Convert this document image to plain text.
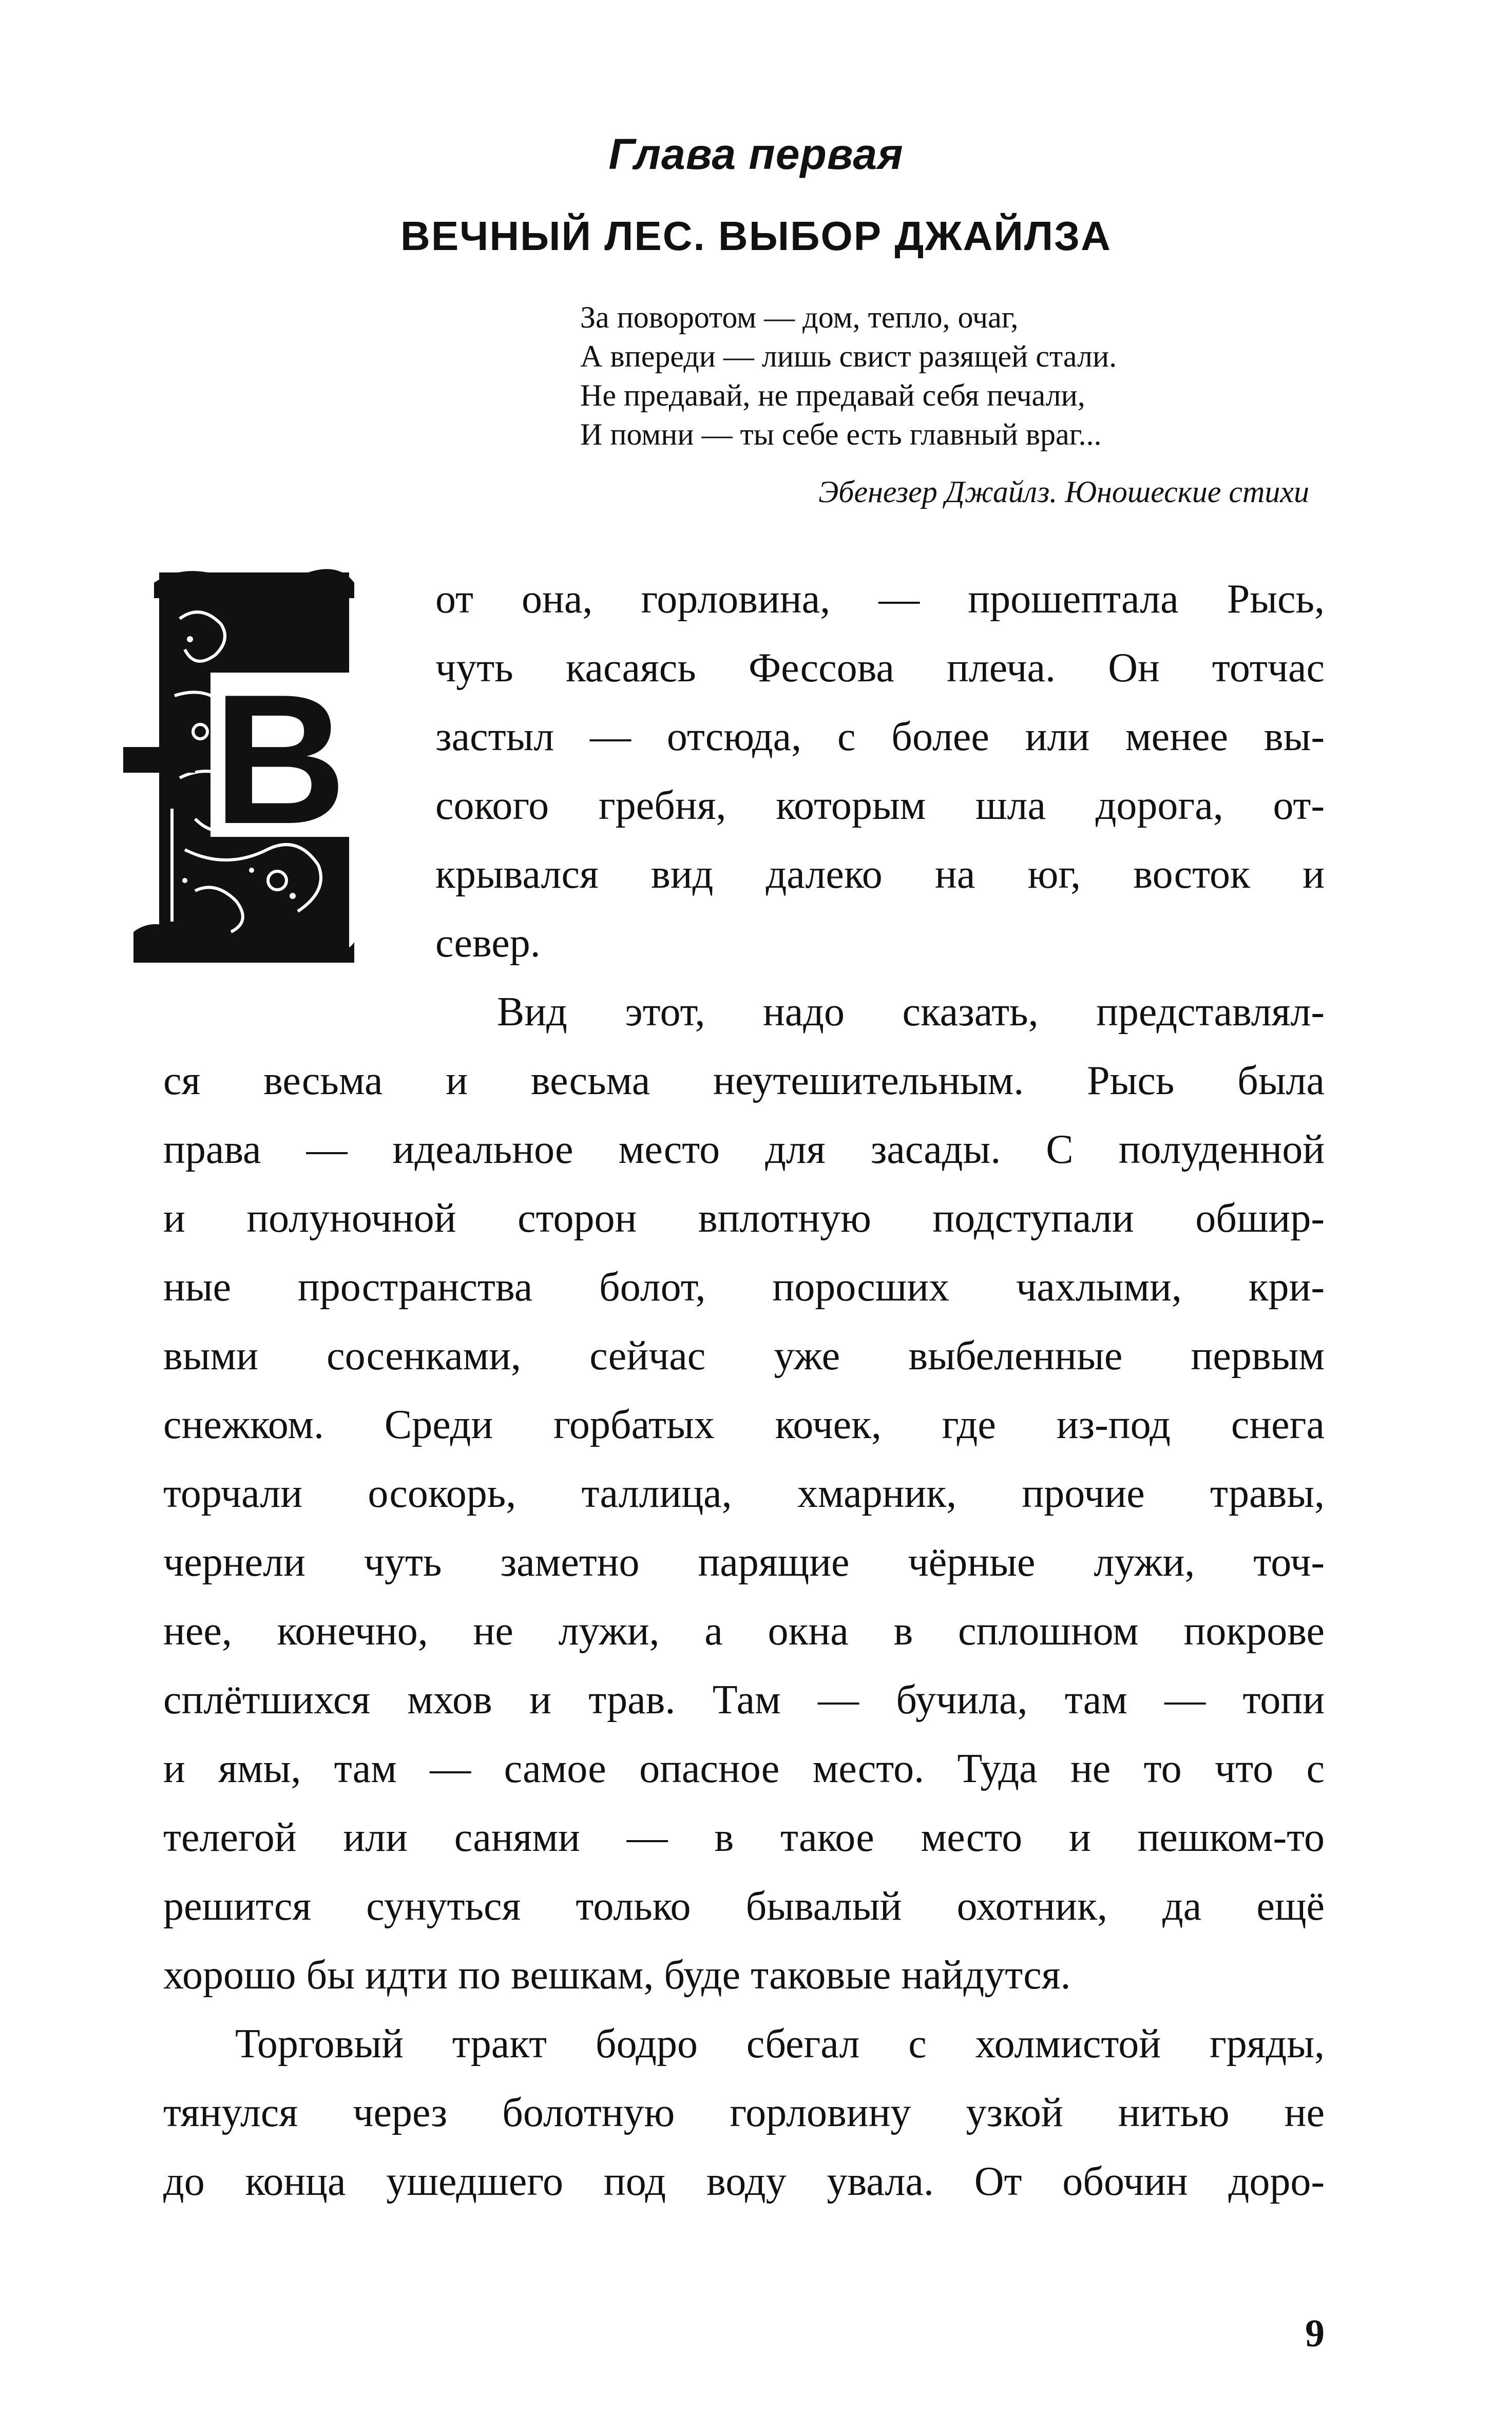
Глава первая
ВЕЧНЫЙ ЛЕС. ВЫБОР ДЖАЙЛЗА
За поворотом — дом, тепло, очаг,
А впереди — лишь свист разящей стали.
Не предавай, не предавай себя печали,
И помни — ты себе есть главный враг...
Эбенезер Джайлз. Юношеские стихи
В
от она, горловина, — прошептала Рысь,
чуть касаясь Фессова плеча. Он тотчас
застыл — отсюда, с более или менее вы-
сокого гребня, которым шла дорога, от-
крывался вид далеко на юг, восток и
север.
Вид этот, надо сказать, представлял-
ся весьма и весьма неутешительным. Рысь была
права — идеальное место для засады. С полуденной
и полуночной сторон вплотную подступали обшир-
ные пространства болот, поросших чахлыми, кри-
выми сосенками, сейчас уже выбеленные первым
снежком. Среди горбатых кочек, где из-под снега
торчали осокорь, таллица, хмарник, прочие травы,
чернели чуть заметно парящие чёрные лужи, точ-
нее, конечно, не лужи, а окна в сплошном покрове
сплётшихся мхов и трав. Там — бучила, там — топи
и ямы, там — самое опасное место. Туда не то что с
телегой или санями — в такое место и пешком-то
решится сунуться только бывалый охотник, да ещё
хорошо бы идти по вешкам, буде таковые найдутся.
Торговый тракт бодро сбегал с холмистой гряды,
тянулся через болотную горловину узкой нитью не
до конца ушедшего под воду увала. От обочин доро-
9
